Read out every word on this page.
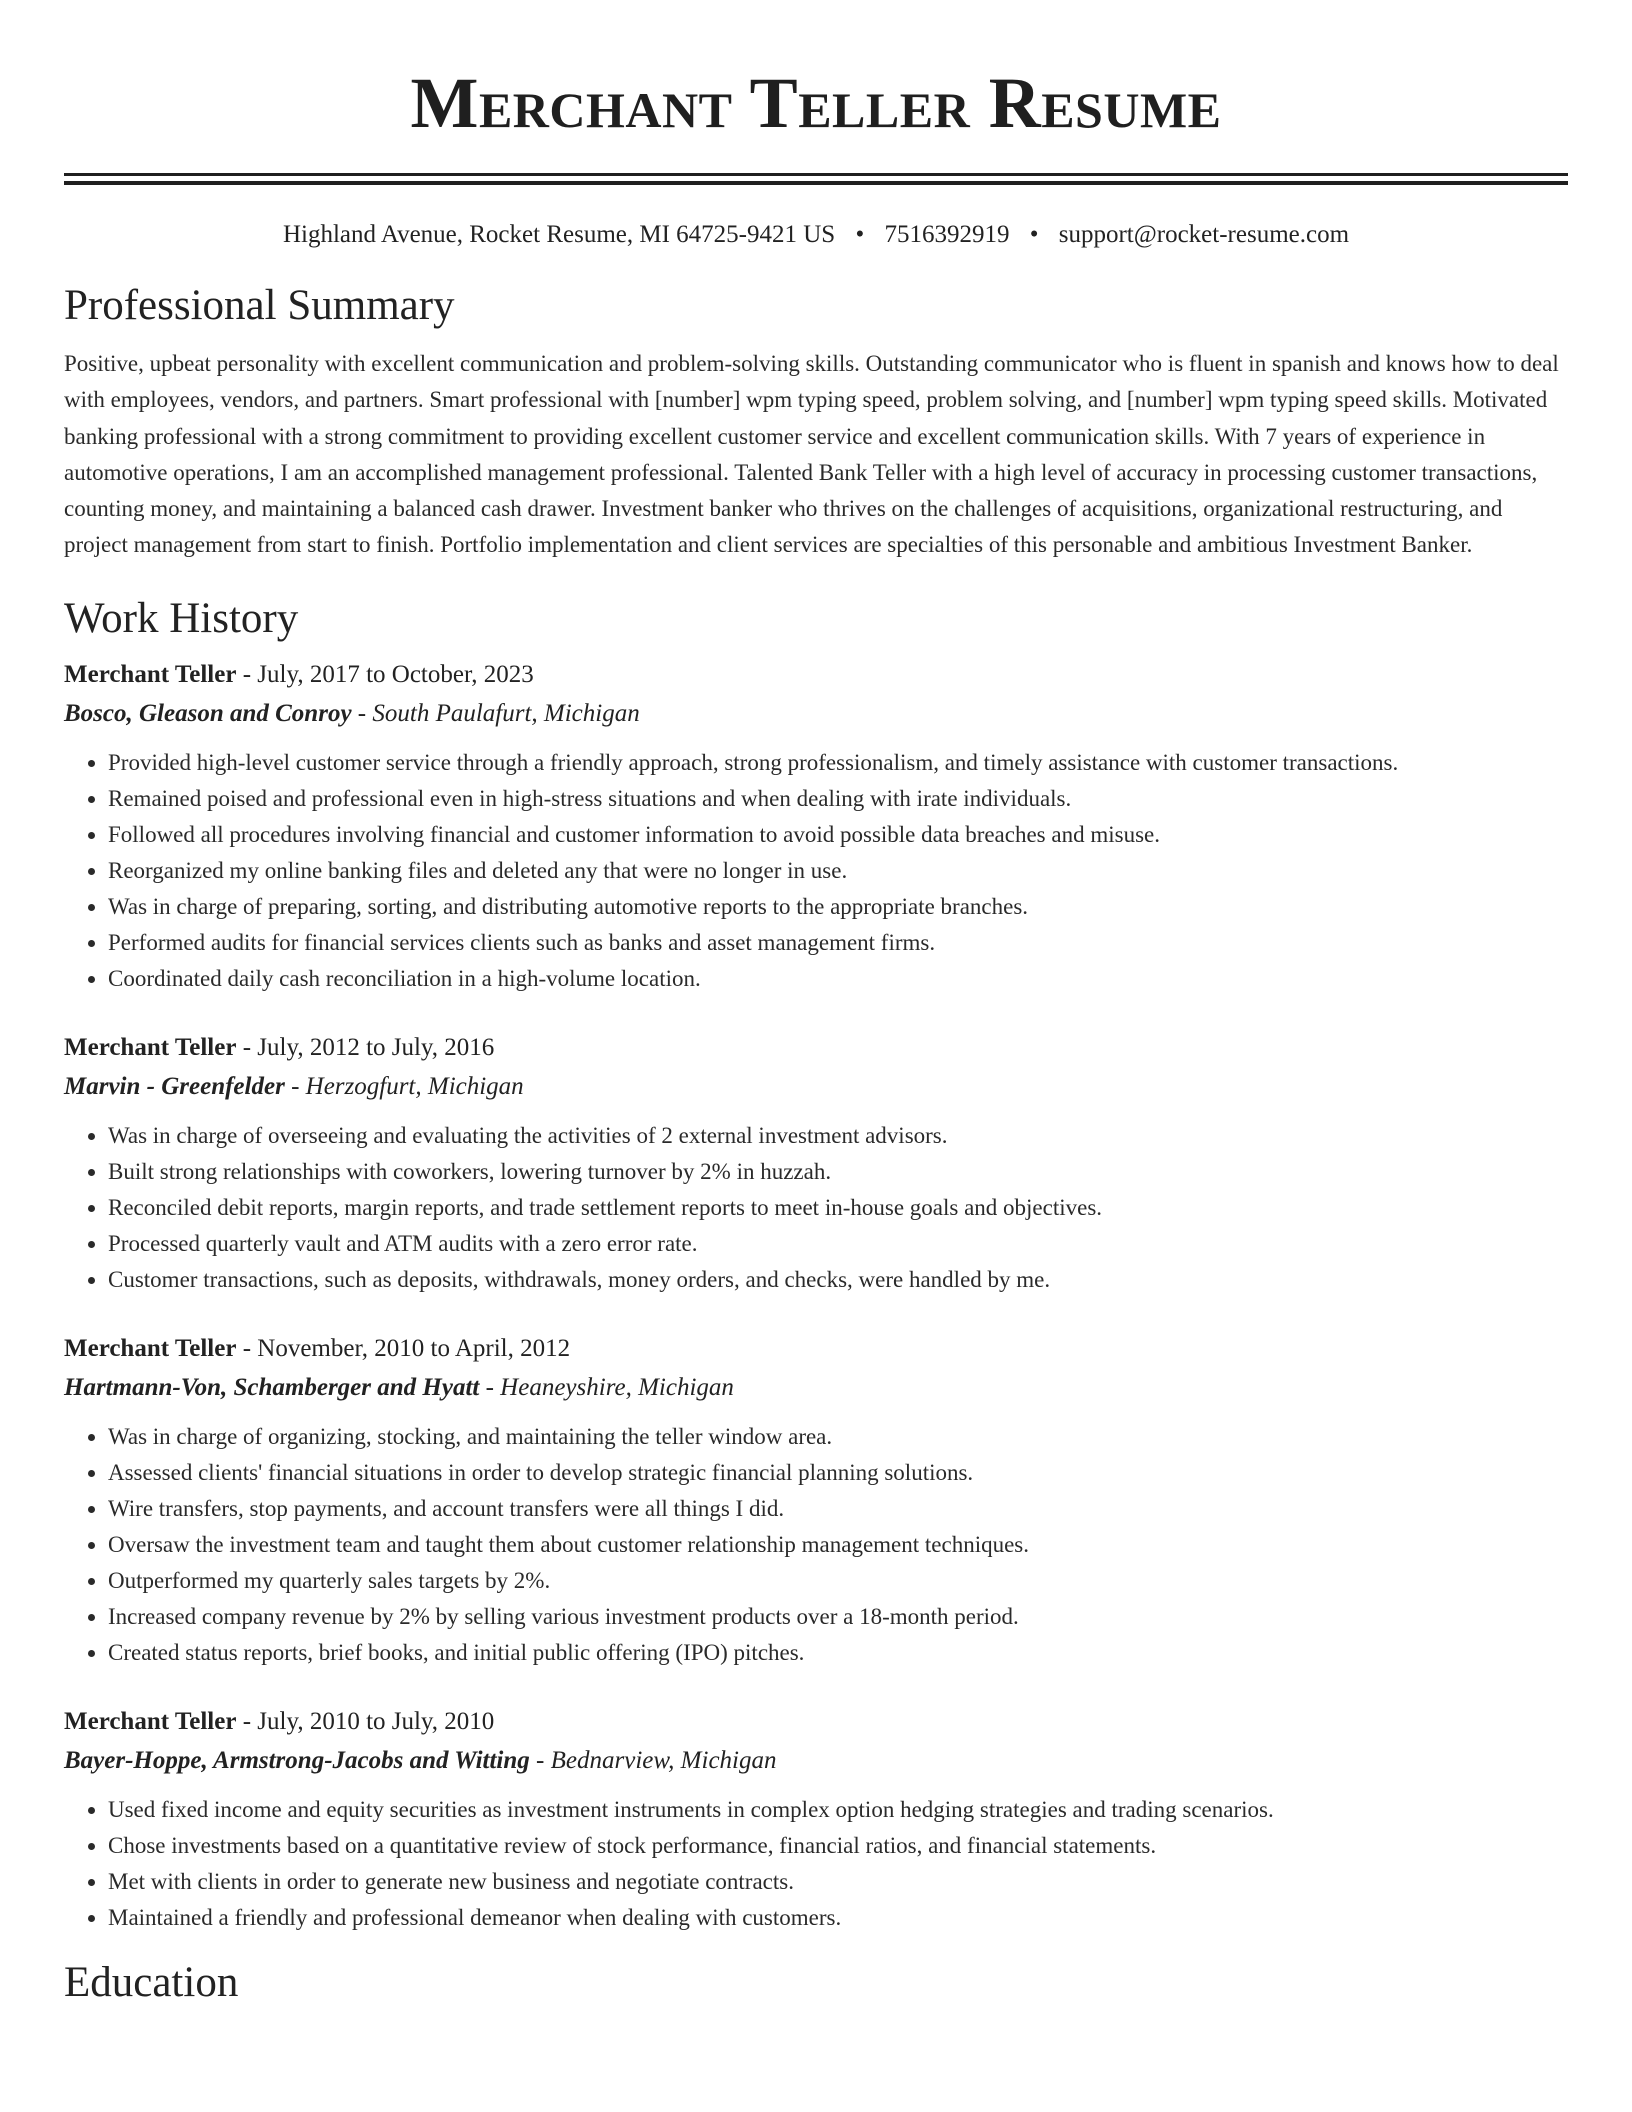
Merchant Teller Resume
Highland Avenue, Rocket Resume, MI 64725-9421 US • 7516392919 • support@rocket-resume.com
Professional Summary

Positive, upbeat personality with excellent communication and problem-solving skills. Outstanding communicator who is fluent in spanish and knows how to deal with employees, vendors, and partners. Smart professional with [number] wpm typing speed, problem solving, and [number] wpm typing speed skills. Motivated banking professional with a strong commitment to providing excellent customer service and excellent communication skills. With 7 years of experience in automotive operations, I am an accomplished management professional. Talented Bank Teller with a high level of accuracy in processing customer transactions, counting money, and maintaining a balanced cash drawer. Investment banker who thrives on the challenges of acquisitions, organizational restructuring, and project management from start to finish. Portfolio implementation and client services are specialties of this personable and ambitious Investment Banker.

Work History
Merchant Teller - July, 2017 to October, 2023
Bosco, Gleason and Conroy - South Paulafurt, Michigan
• Provided high-level customer service through a friendly approach, strong professionalism, and timely assistance with customer transactions.
• Remained poised and professional even in high-stress situations and when dealing with irate individuals.
• Followed all procedures involving financial and customer information to avoid possible data breaches and misuse.
• Reorganized my online banking files and deleted any that were no longer in use.
• Was in charge of preparing, sorting, and distributing automotive reports to the appropriate branches.
• Performed audits for financial services clients such as banks and asset management firms.
• Coordinated daily cash reconciliation in a high-volume location.
Merchant Teller - July, 2012 to July, 2016
Marvin - Greenfelder - Herzogfurt, Michigan
• Was in charge of overseeing and evaluating the activities of 2 external investment advisors.
• Built strong relationships with coworkers, lowering turnover by 2% in huzzah.
• Reconciled debit reports, margin reports, and trade settlement reports to meet in-house goals and objectives.
• Processed quarterly vault and ATM audits with a zero error rate.
• Customer transactions, such as deposits, withdrawals, money orders, and checks, were handled by me.
Merchant Teller - November, 2010 to April, 2012
Hartmann-Von, Schamberger and Hyatt - Heaneyshire, Michigan
• Was in charge of organizing, stocking, and maintaining the teller window area.
• Assessed clients' financial situations in order to develop strategic financial planning solutions.
• Wire transfers, stop payments, and account transfers were all things I did.
• Oversaw the investment team and taught them about customer relationship management techniques.
• Outperformed my quarterly sales targets by 2%.
• Increased company revenue by 2% by selling various investment products over a 18-month period.
• Created status reports, brief books, and initial public offering (IPO) pitches.
Merchant Teller - July, 2010 to July, 2010
Bayer-Hoppe, Armstrong-Jacobs and Witting - Bednarview, Michigan
• Used fixed income and equity securities as investment instruments in complex option hedging strategies and trading scenarios.
• Chose investments based on a quantitative review of stock performance, financial ratios, and financial statements.
• Met with clients in order to generate new business and negotiate contracts.
• Maintained a friendly and professional demeanor when dealing with customers.
Education
